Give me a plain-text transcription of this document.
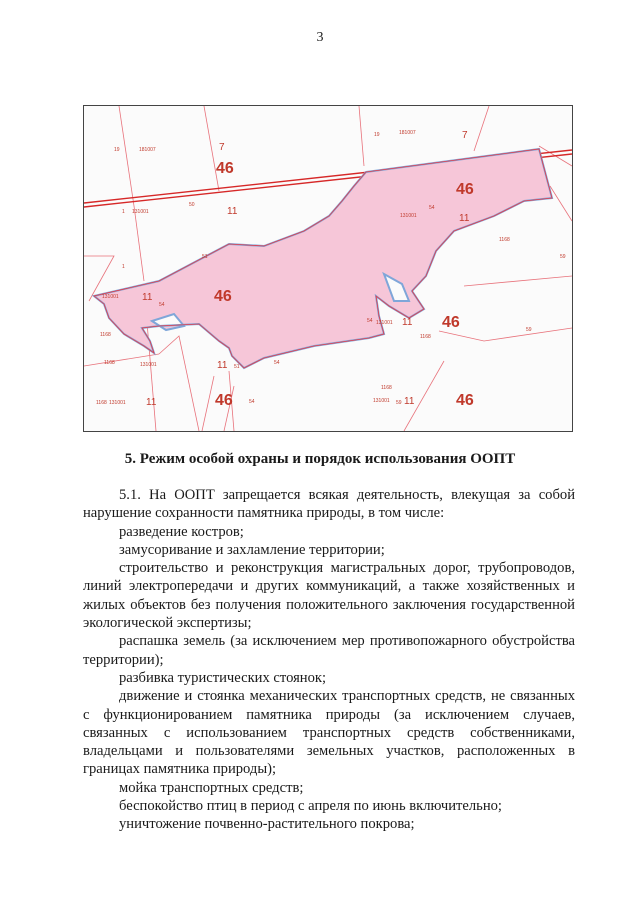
3
19	181007	7
46
19	181007	7
46
54
131001	11
1 131001
50
11
1
51
131001 11
54	46
1168
1168
59
54 131001 11 46
1168
59
1168	131001	11 51
54
1168 131001 11	46	54
1168
131001 59 11	46
5. Режим особой охраны и порядок использования ООПТ

5.1. На ООПТ запрещается всякая деятельность, влекущая за собой нарушение сохранности памятника природы, в том числе:

разведение костров;

замусоривание и захламление территории;

строительство и реконструкция магистральных дорог, трубопроводов, линий электропередачи и других коммуникаций, а также хозяйственных и жилых объектов без получения положительного заключения государственной экологической экспертизы;

распашка земель (за исключением мер противопожарного обустройства территории);

разбивка туристических стоянок;

движение и стоянка механических транспортных средств, не связанных с функционированием памятника природы (за исключением случаев, связанных с использованием транспортных средств собственниками, владельцами и пользователями земельных участков, расположенных в границах памятника природы);

мойка транспортных средств;

беспокойство птиц в период с апреля по июнь включительно;

уничтожение почвенно-растительного покрова;
